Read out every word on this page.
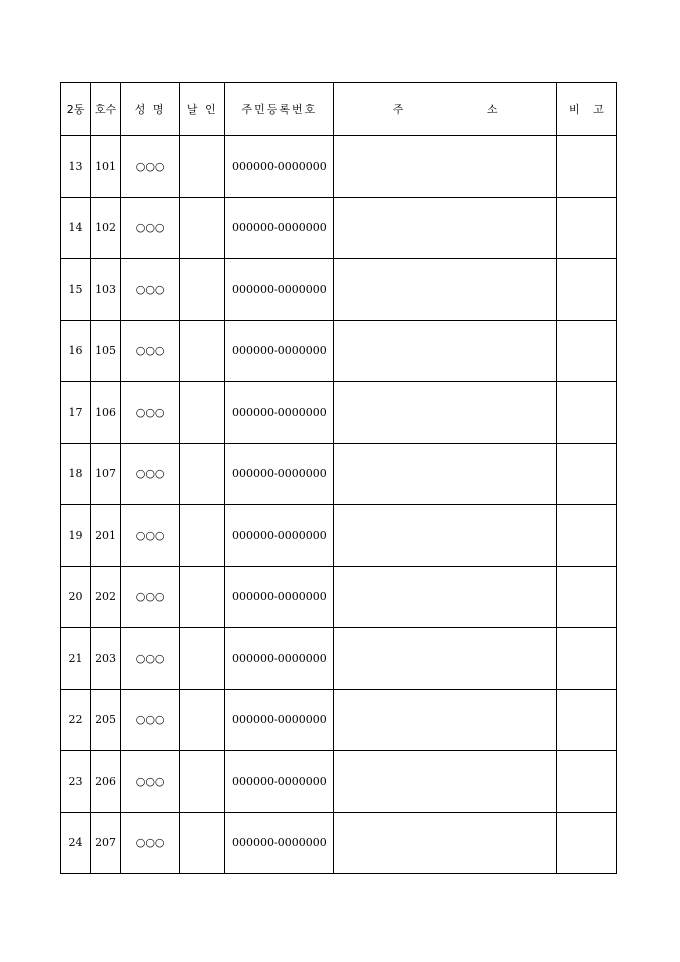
2동	호수	성 명	날 인	주민등록번호	주 소	비 고
13	101	○○○		000000-0000000		
14	102	○○○		000000-0000000		
15	103	○○○		000000-0000000		
16	105	○○○		000000-0000000		
17	106	○○○		000000-0000000		
18	107	○○○		000000-0000000		
19	201	○○○		000000-0000000		
20	202	○○○		000000-0000000		
21	203	○○○		000000-0000000		
22	205	○○○		000000-0000000		
23	206	○○○		000000-0000000		
24	207	○○○		000000-0000000		
